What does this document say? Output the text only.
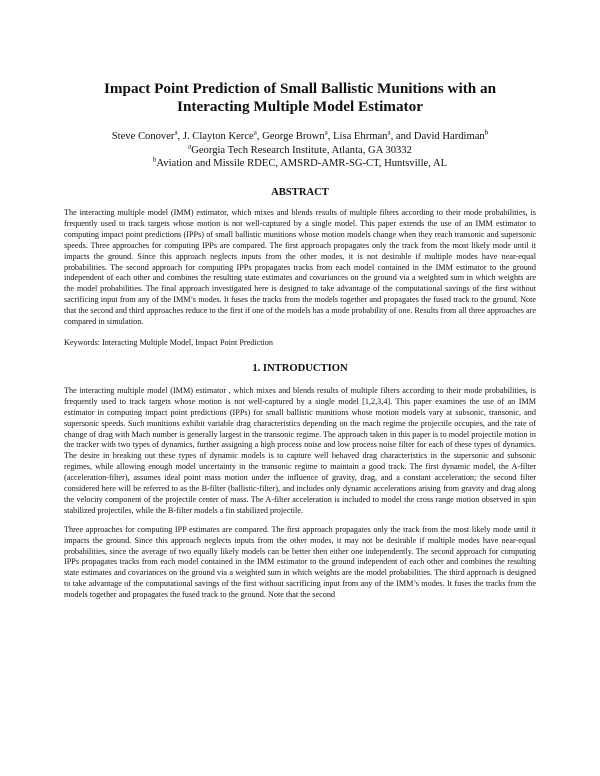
Impact Point Prediction of Small Ballistic Munitions with an
Interacting Multiple Model Estimator
Steve Conover$^a$, J. Clayton Kerce$^a$, George Brown$^a$, Lisa Ehrman$^a$, and David Hardiman$^b$
$^a$Georgia Tech Research Institute, Atlanta, GA 30332
$^b$Aviation and Missile RDEC, AMSRD-AMR-SG-CT, Huntsville, AL
ABSTRACT

The interacting multiple model (IMM) estimator, which mixes and blends results of multiple filters according to their mode probabilities, is frequently used to track targets whose motion is not well-captured by a single model. This paper extends the use of an IMM estimator to computing impact point predictions (IPPs) of small ballistic munitions whose motion models change when they reach transonic and supersonic speeds. Three approaches for computing IPPs are compared. The first approach propagates only the track from the most likely mode until it impacts the ground. Since this approach neglects inputs from the other modes, it is not desirable if multiple modes have near-equal probabilities. The second approach for computing IPPs propagates tracks from each model contained in the IMM estimator to the ground independent of each other and combines the resulting state estimates and covariances on the ground via a weighted sum in which weights are the model probabilities. The final approach investigated here is designed to take advantage of the computational savings of the first without sacrificing input from any of the IMM’s modes. It fuses the tracks from the models together and propagates the fused track to the ground. Note that the second and third approaches reduce to the first if one of the models has a mode probability of one. Results from all three approaches are compared in simulation.

Keywords: Interacting Multiple Model, Impact Point Prediction

1. INTRODUCTION

The interacting multiple model (IMM) estimator , which mixes and blends results of multiple filters according to their mode probabilities, is frequently used to track targets whose motion is not well-captured by a single model [1,2,3,4]. This paper examines the use of an IMM estimator in computing impact point predictions (IPPs) for small ballistic munitions whose motion models vary at subsonic, transonic, and supersonic speeds. Such munitions exhibit variable drag characteristics depending on the mach regime the projectile occupies, and the rate of change of drag with Mach number is generally largest in the transonic regime. The approach taken in this paper is to model projectile motion in the tracker with two types of dynamics, further assigning a high process noise and low process noise filter for each of these types of dynamics. The desire in breaking out these types of dynamic models is to capture well behaved drag characteristics in the supersonic and subsonic regimes, while allowing enough model uncertainty in the transonic regime to maintain a good track. The first dynamic model, the A-filter (acceleration-filter), assumes ideal point mass motion under the influence of gravity, drag, and a constant acceleration; the second filter considered here will be referred to as the B-filter (ballistic-filter), and includes only dynamic accelerations arising from gravity and drag along the velocity component of the projectile center of mass. The A-filter acceleration is included to model the cross range motion observed in spin stabilized projectiles, while the B-filter models a fin stabilized projectile.

Three approaches for computing IPP estimates are compared. The first approach propagates only the track from the most likely mode until it impacts the ground. Since this approach neglects inputs from the other modes, it may not be desirable if multiple modes have near-equal probabilities, since the average of two equally likely models can be better then either one independently. The second approach for computing IPPs propagates tracks from each model contained in the IMM estimator to the ground independent of each other and combines the resulting state estimates and covariances on the ground via a weighted sum in which weights are the model probabilities. The third approach is designed to take advantage of the computational savings of the first without sacrificing input from any of the IMM’s modes. It fuses the tracks from the models together and propagates the fused track to the ground. Note that the second
